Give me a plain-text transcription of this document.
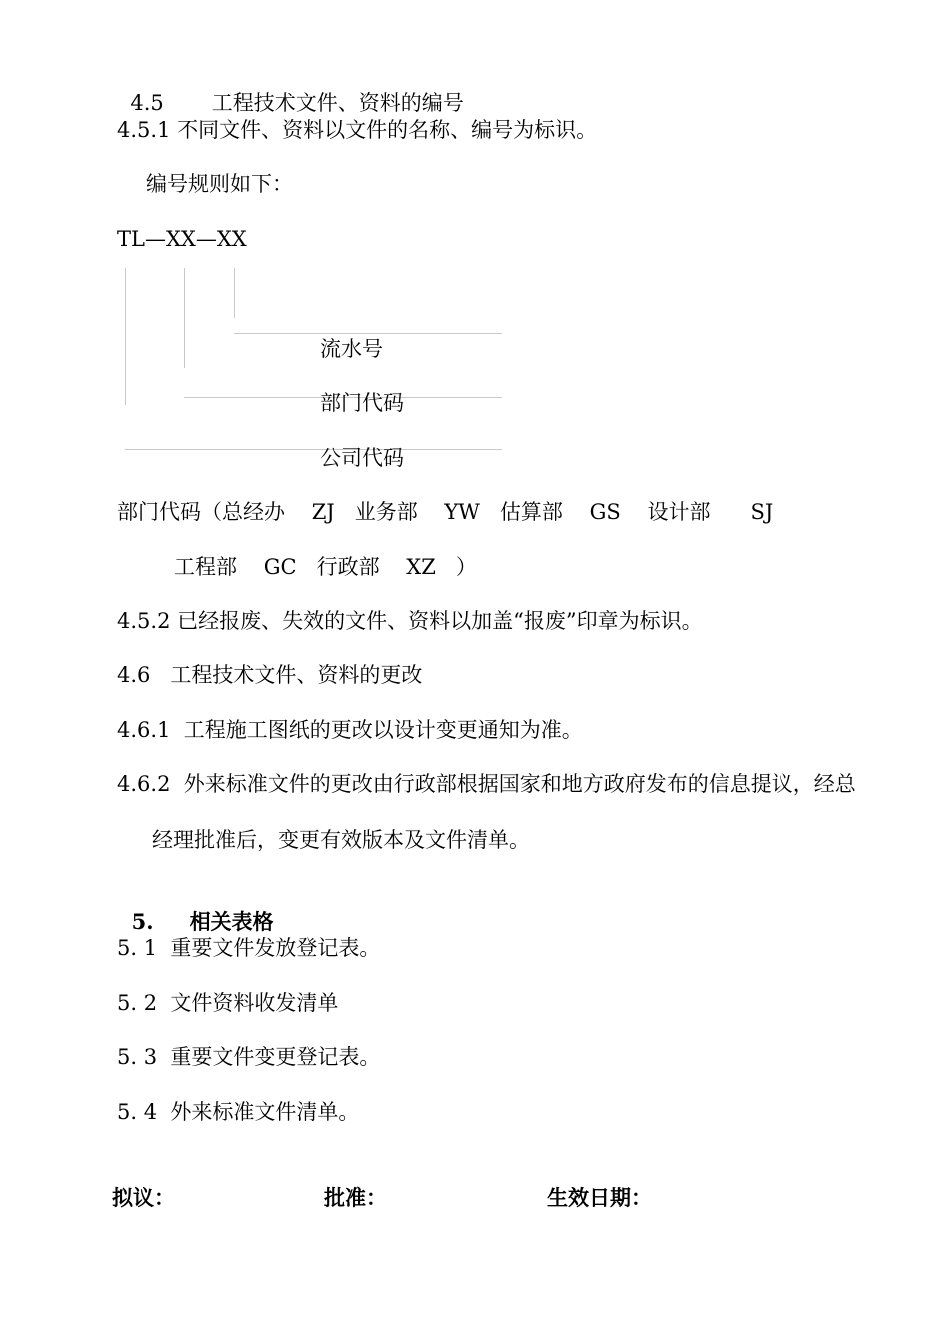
4.5 工程技术文件、资料的编号

4.5.1 不同文件、资料以文件的名称、编号为标识。
编号规则如下：
TL—XX—XX
流水号
部门代码
公司代码
部门代码（总经办    ZJ   业务部    YW   估算部    GS    设计部      SJ
工程部    GC   行政部    XZ   ）
4.5.2 已经报废、失效的文件、资料以加盖“报废”印章为标识。
4.6   工程技术文件、资料的更改
4.6.1  工程施工图纸的更改以设计变更通知为准。
4.6.2  外来标准文件的更改由行政部根据国家和地方政府发布的信息提议，经总
经理批准后，变更有效版本及文件清单。

5. 相关表格

5. 1  重要文件发放登记表。
5. 2  文件资料收发清单
5. 3  重要文件变更登记表。
5. 4  外来标准文件清单。
拟议：	批准：	生效日期：
